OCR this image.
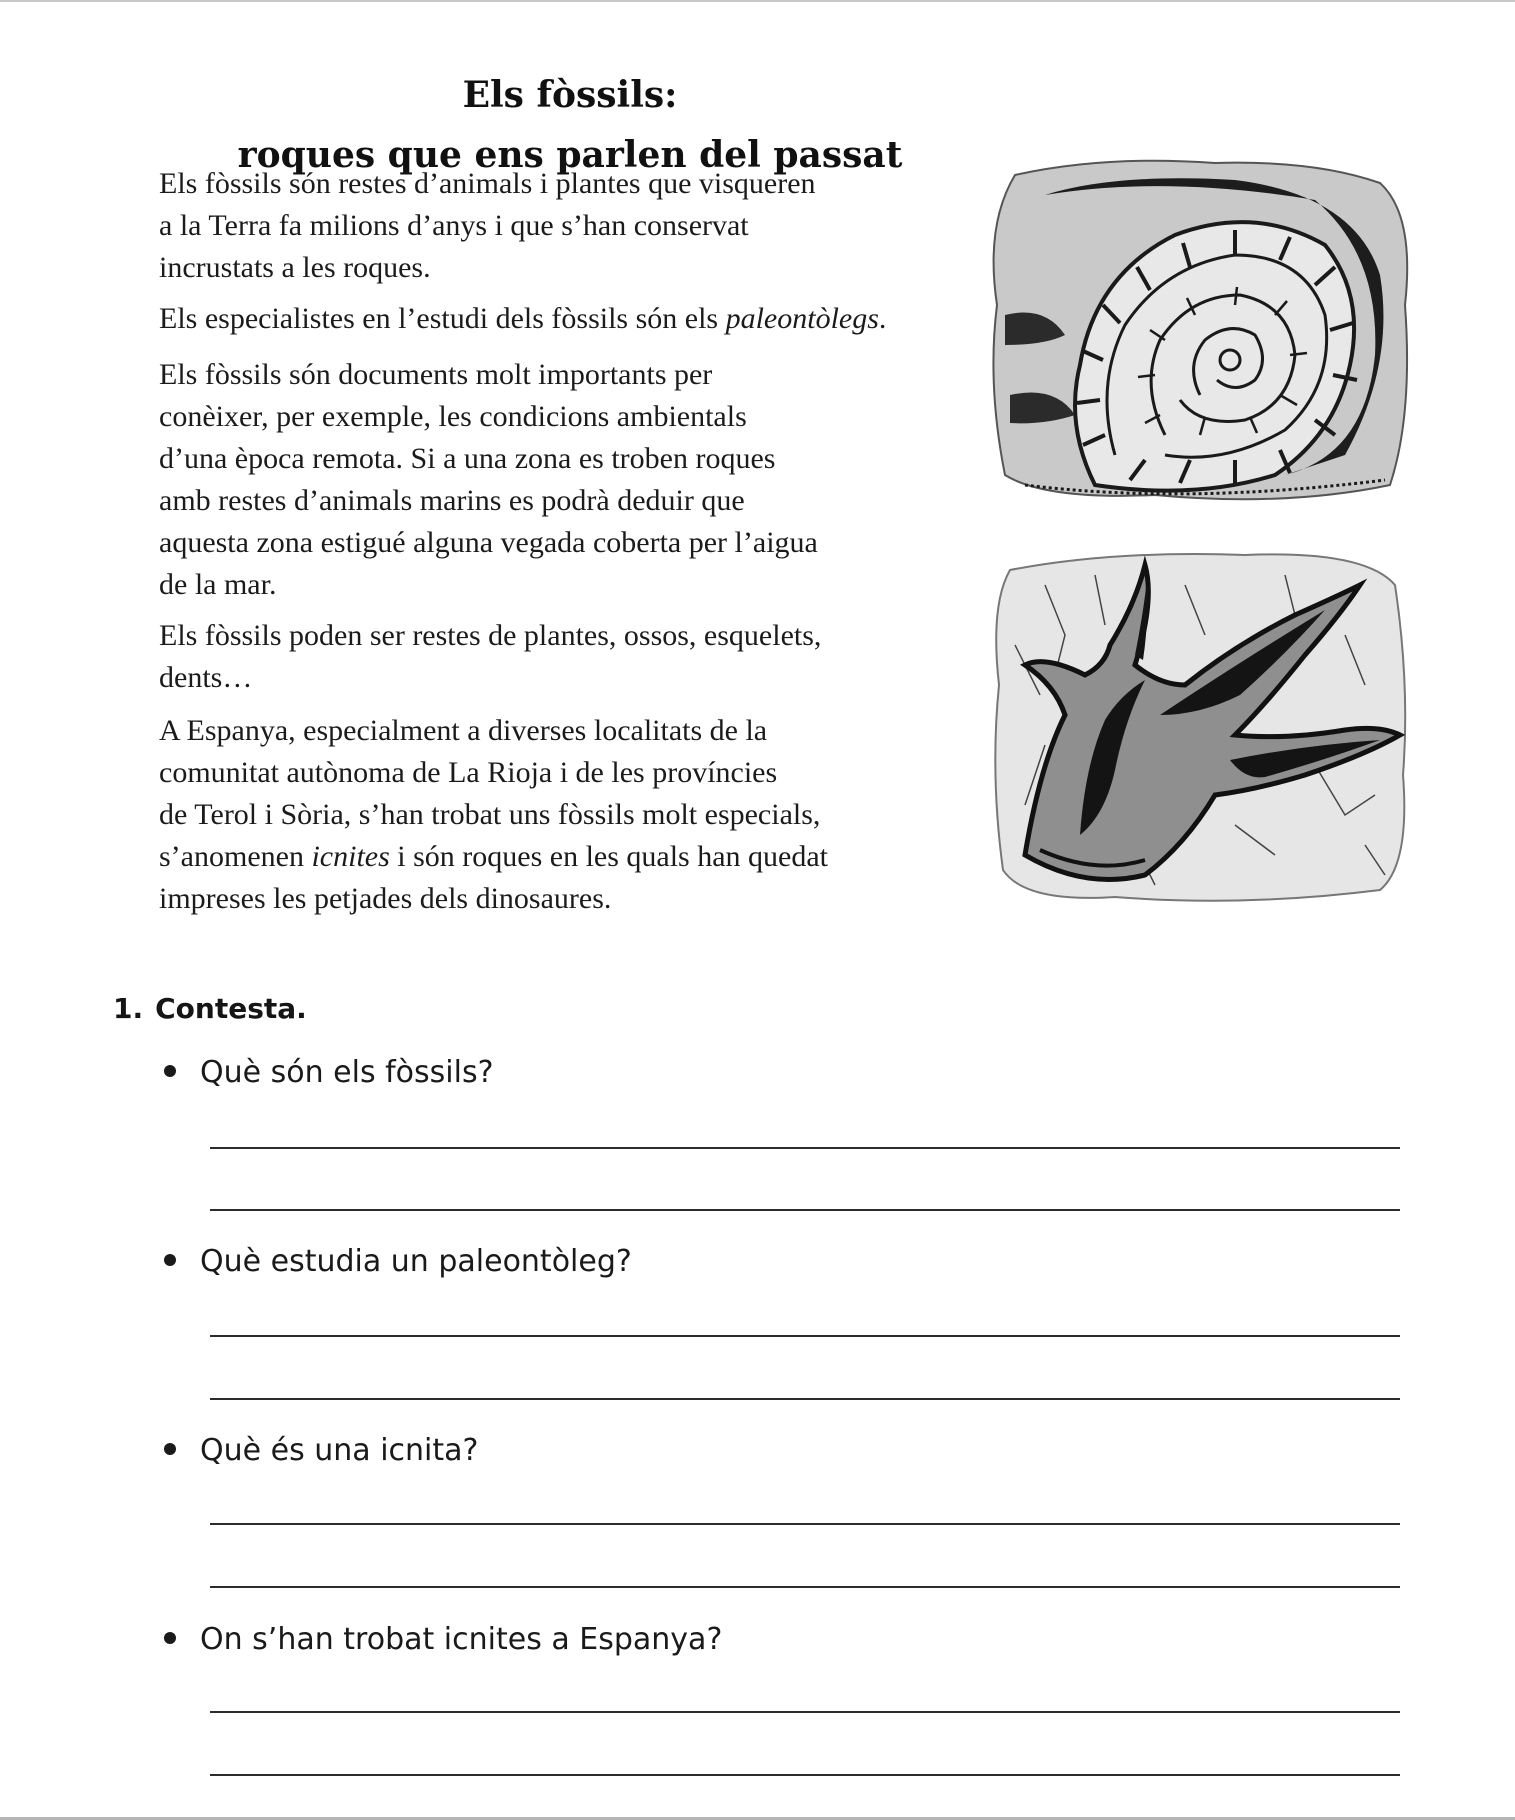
Els fòssils:
roques que ens parlen del passat

Els fòssils són restes d’animals i plantes que visqueren
a la Terra fa milions d’anys i que s’han conservat
incrustats a les roques.

Els especialistes en l’estudi dels fòssils són els paleontòlegs.

Els fòssils són documents molt importants per
conèixer, per exemple, les condicions ambientals
d’una època remota. Si a una zona es troben roques
amb restes d’animals marins es podrà deduir que
aquesta zona estigué alguna vegada coberta per l’aigua
de la mar.

Els fòssils poden ser restes de plantes, ossos, esquelets,
dents…

A Espanya, especialment a diverses localitats de la
comunitat autònoma de La Rioja i de les províncies
de Terol i Sòria, s’han trobat uns fòssils molt especials,
s’anomenen icnites i són roques en les quals han quedat
impreses les petjades dels dinosaures.

1. Contesta.

Què són els fòssils?

Què estudia un paleontòleg?

Què és una icnita?

On s’han trobat icnites a Espanya?
